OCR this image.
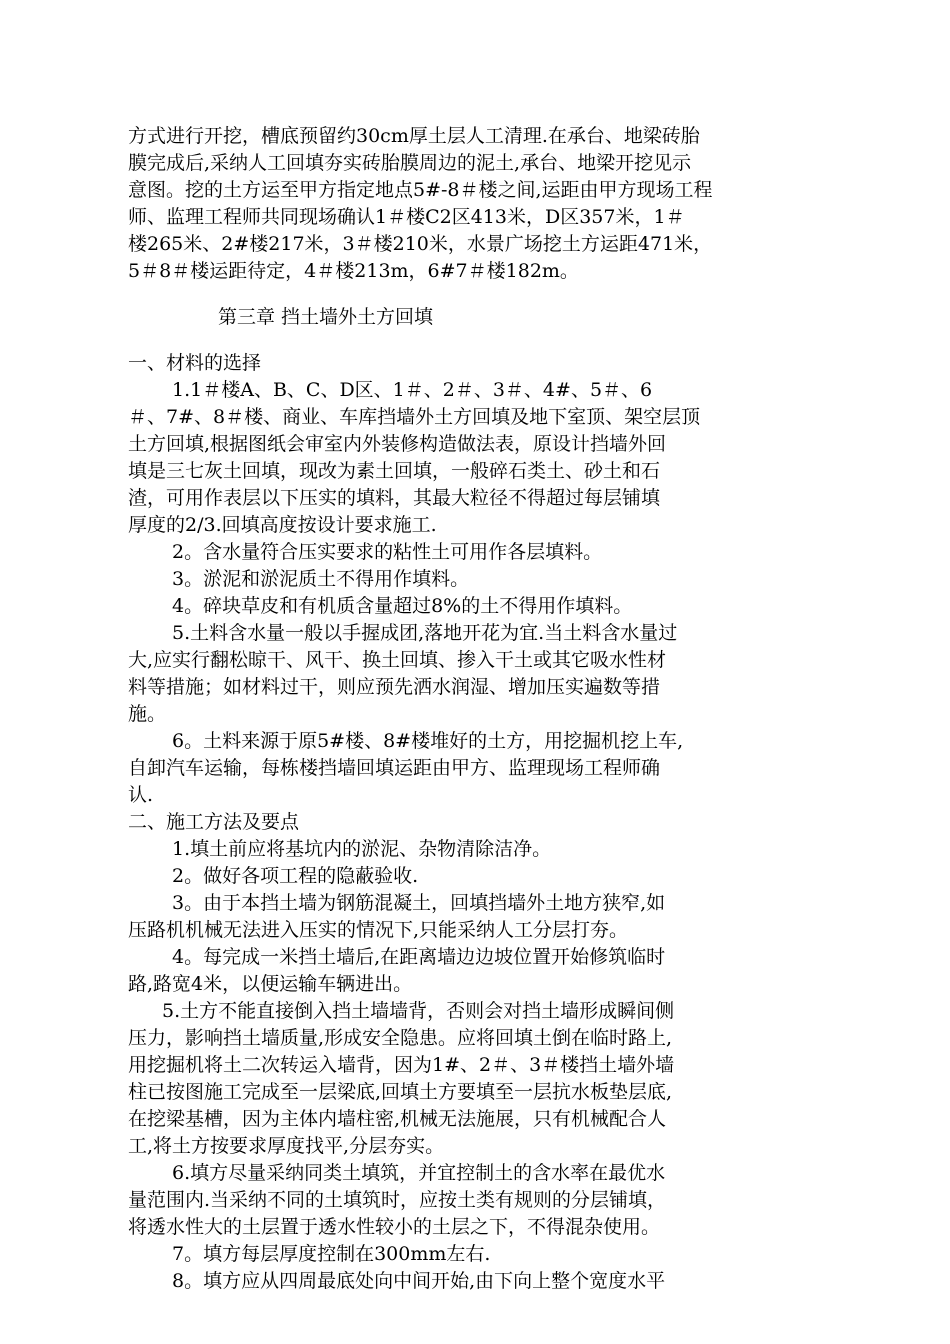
方式进行开挖，槽底预留约30cm厚土层人工清理.在承台、地梁砖胎
膜完成后,采纳人工回填夯实砖胎膜周边的泥土,承台、地梁开挖见示
意图。挖的土方运至甲方指定地点5#-8＃楼之间,运距由甲方现场工程
师、监理工程师共同现场确认1＃楼C2区413米，D区357米，1＃
楼265米、2#楼217米，3＃楼210米，水景广场挖土方运距471米，
5＃8＃楼运距待定，4＃楼213m，6#7＃楼182m。
第三章 挡土墙外土方回填
一、材料的选择
1.1＃楼A、B、C、D区、1＃、2＃、3＃、4#、5＃、6
＃、7#、8＃楼、商业、车库挡墙外土方回填及地下室顶、架空层顶
土方回填,根据图纸会审室内外装修构造做法表，原设计挡墙外回
填是三七灰土回填，现改为素土回填，一般碎石类土、砂土和石
渣，可用作表层以下压实的填料，其最大粒径不得超过每层铺填
厚度的2/3.回填高度按设计要求施工.
2。含水量符合压实要求的粘性土可用作各层填料。
3。淤泥和淤泥质土不得用作填料。
4。碎块草皮和有机质含量超过8%的土不得用作填料。
5.土料含水量一般以手握成团,落地开花为宜.当土料含水量过
大,应实行翻松晾干、风干、换土回填、掺入干土或其它吸水性材
料等措施；如材料过干，则应预先洒水润湿、增加压实遍数等措
施。
6。土料来源于原5#楼、8#楼堆好的土方，用挖掘机挖上车,
自卸汽车运输，每栋楼挡墙回填运距由甲方、监理现场工程师确
认.
二、施工方法及要点
1.填土前应将基坑内的淤泥、杂物清除洁净。
2。做好各项工程的隐蔽验收.
3。由于本挡土墙为钢筋混凝土，回填挡墙外土地方狭窄,如
压路机机械无法进入压实的情况下,只能采纳人工分层打夯。
4。每完成一米挡土墙后,在距离墙边边坡位置开始修筑临时
路,路宽4米，以便运输车辆进出。
5.土方不能直接倒入挡土墙墙背，否则会对挡土墙形成瞬间侧
压力，影响挡土墙质量,形成安全隐患。应将回填土倒在临时路上,
用挖掘机将土二次转运入墙背，因为1#、2＃、3＃楼挡土墙外墙
柱已按图施工完成至一层梁底,回填土方要填至一层抗水板垫层底,
在挖梁基槽，因为主体内墙柱密,机械无法施展，只有机械配合人
工,将土方按要求厚度找平,分层夯实。
6.填方尽量采纳同类土填筑，并宜控制土的含水率在最优水
量范围内.当采纳不同的土填筑时，应按土类有规则的分层铺填，
将透水性大的土层置于透水性较小的土层之下，不得混杂使用。
7。填方每层厚度控制在300mm左右.
8。填方应从四周最底处向中间开始,由下向上整个宽度水平
